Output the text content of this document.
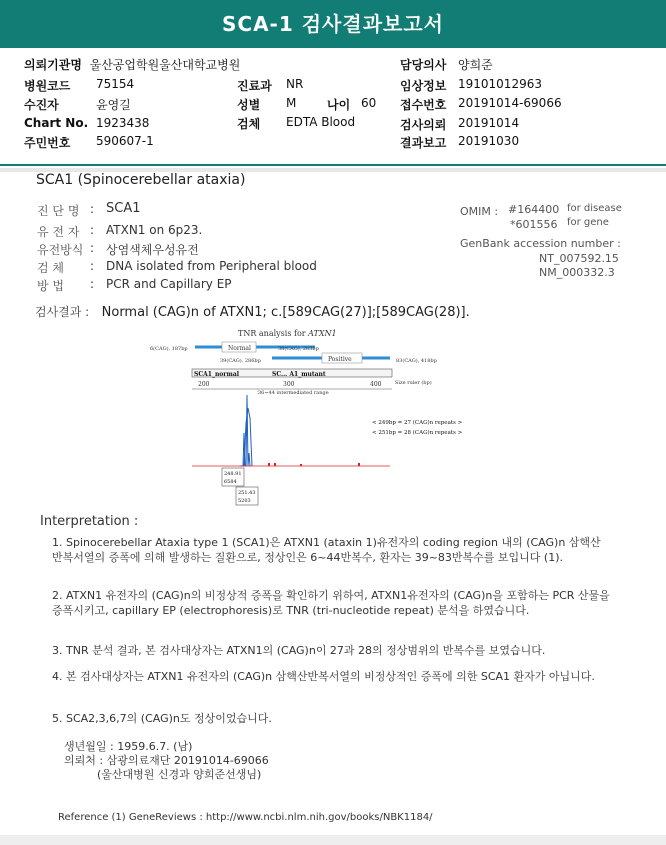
SCA-1 검사결과보고서
의뢰기관명 울산공업학원울산대학교병원
병원코드 75154	진료과 NR
수진자	윤영길	성별 M	나이 60
Chart No. 1923438	검체 EDTA Blood
주민번호 590607-1
담당의사 양희준
임상정보 19101012963
접수번호 20191014-69066
검사의뢰 20191014
결과보고 20191030
SCA1 (Spinocerebellar ataxia)
진 단 명 : SCA1
유 전 자 : ATXN1 on 6p23.
유전방식 : 상염색체우성유전
검 체 : DNA isolated from Peripheral blood
방 법 : PCR and Capillary EP
OMIM : #164400 for disease
*601556 for gene
GenBank accession number :
NT_007592.15
NM_000332.3
검사결과 : Normal (CAG)n of ATXN1; c.[589CAG(27)];[589CAG(28)].
TNR analysis for ATXN1
Normal
6(CAG), 187bp	38(CAG), 283bp
Positive
39(CAG), 286bp	83(CAG), 418bp
SCA1_normal	SC... A1_mutant
200	300	400	Size ruler (bp)
36~44 intermediated range
< 249bp = 27 (CAG)n repeats >
< 251bp = 28 (CAG)n repeats >
248.91
6584
251.43
5203
Interpretation :
1. Spinocerebellar Ataxia type 1 (SCA1)은 ATXN1 (ataxin 1)유전자의 coding region 내의 (CAG)n 삼핵산 반복서열의 증폭에 의해 발생하는 질환으로, 정상인은 6~44반복수, 환자는 39~83반복수를 보입니다 (1).
2. ATXN1 유전자의 (CAG)n의 비정상적 증폭을 확인하기 위하여, ATXN1유전자의 (CAG)n을 포함하는 PCR 산물을 증폭시키고, capillary EP (electrophoresis)로 TNR (tri-nucleotide repeat) 분석을 하였습니다.
3. TNR 분석 결과, 본 검사대상자는 ATXN1의 (CAG)n이 27과 28의 정상범위의 반복수를 보였습니다.
4. 본 검사대상자는 ATXN1 유전자의 (CAG)n 삼핵산반복서열의 비정상적인 증폭에 의한 SCA1 환자가 아닙니다.
5. SCA2,3,6,7의 (CAG)n도 정상이었습니다.
생년월일 : 1959.6.7. (남)
의뢰처 : 삼광의료재단 20191014-69066
(울산대병원 신경과 양희준선생님)
Reference (1) GeneReviews : http://www.ncbi.nlm.nih.gov/books/NBK1184/
